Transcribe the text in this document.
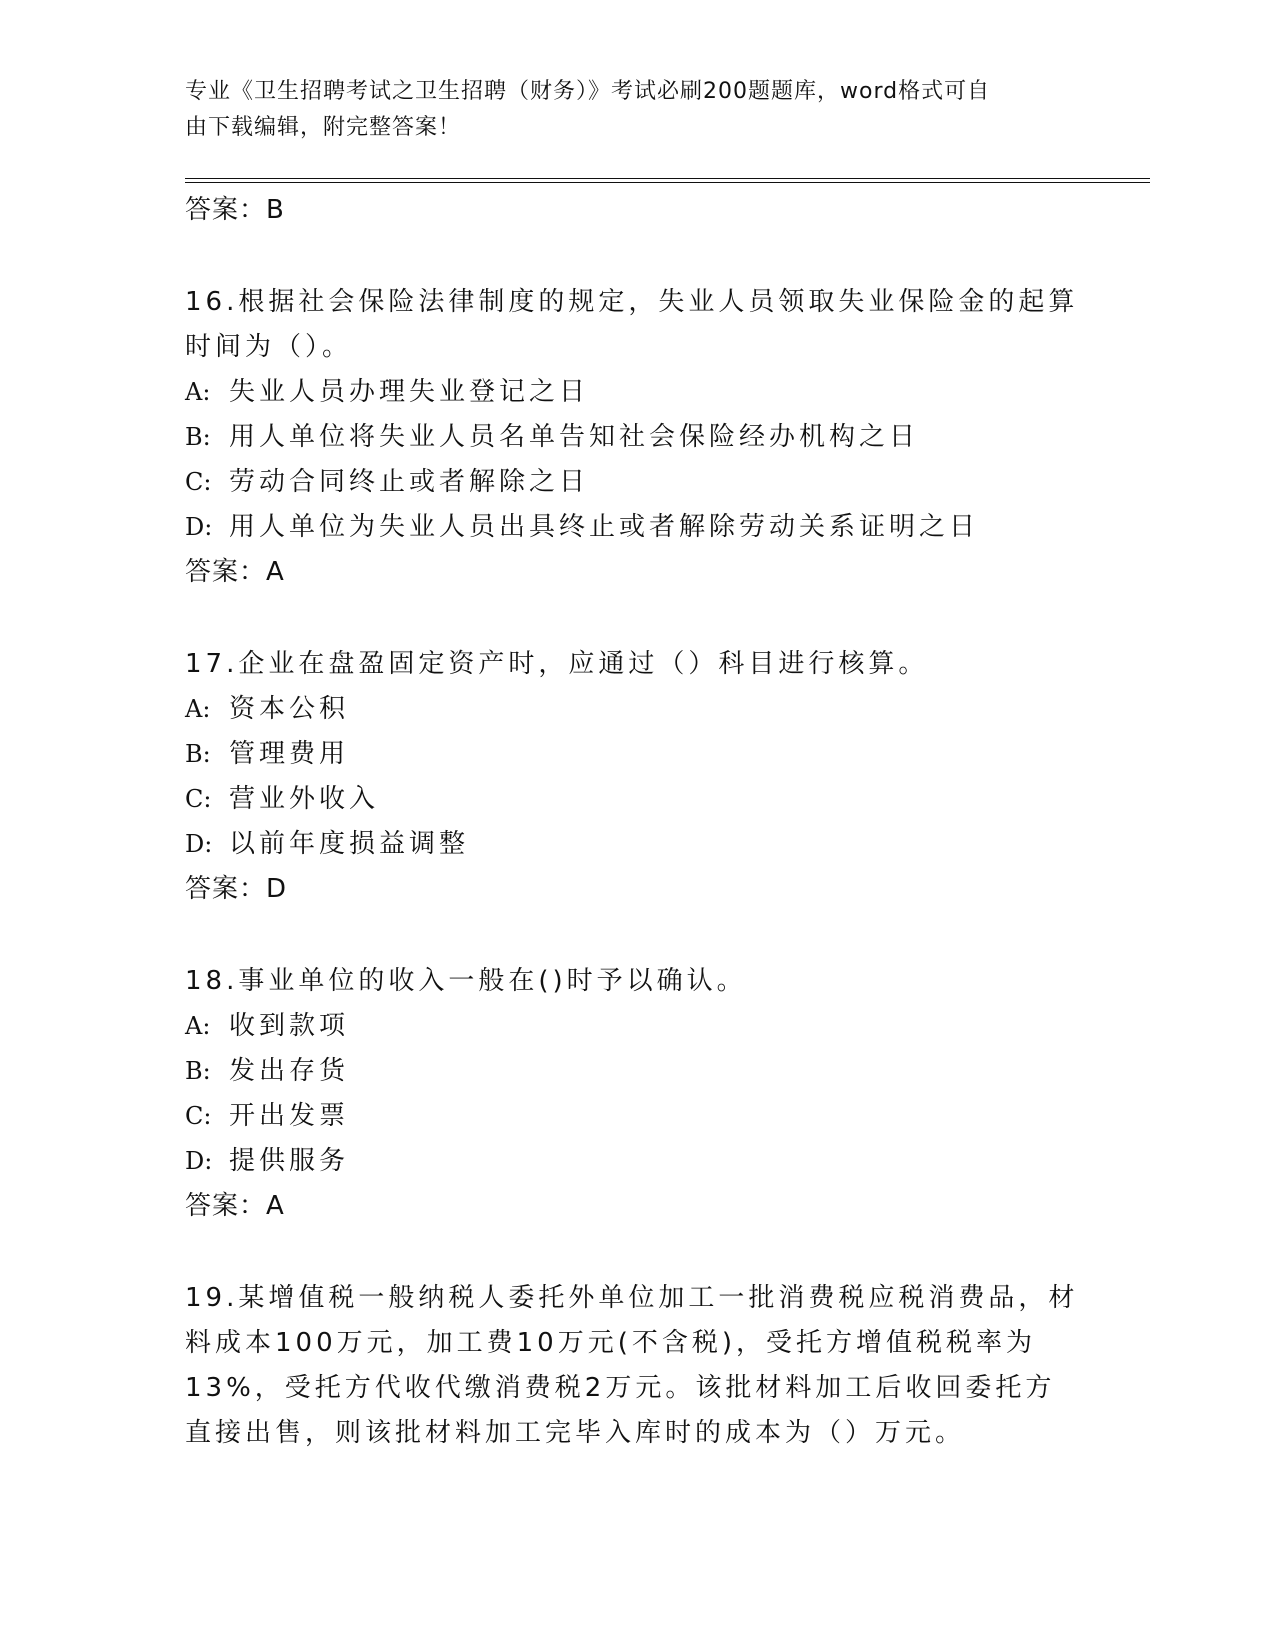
专业《卫生招聘考试之卫生招聘（财务）》考试必刷200题题库，word格式可自
由下载编辑，附完整答案！

答案：B

16.根据社会保险法律制度的规定，失业人员领取失业保险金的起算时间为（）。

A: 失业人员办理失业登记之日
B: 用人单位将失业人员名单告知社会保险经办机构之日
C: 劳动合同终止或者解除之日
D: 用人单位为失业人员出具终止或者解除劳动关系证明之日

答案：A

17.企业在盘盈固定资产时，应通过（）科目进行核算。

A: 资本公积
B: 管理费用
C: 营业外收入
D: 以前年度损益调整

答案：D

18.事业单位的收入一般在()时予以确认。

A: 收到款项
B: 发出存货
C: 开出发票
D: 提供服务

答案：A

19.某增值税一般纳税人委托外单位加工一批消费税应税消费品，材料成本100万元，加工费10万元(不含税)，受托方增值税税率为13%，受托方代收代缴消费税2万元。该批材料加工后收回委托方直接出售，则该批材料加工完毕入库时的成本为（）万元。
